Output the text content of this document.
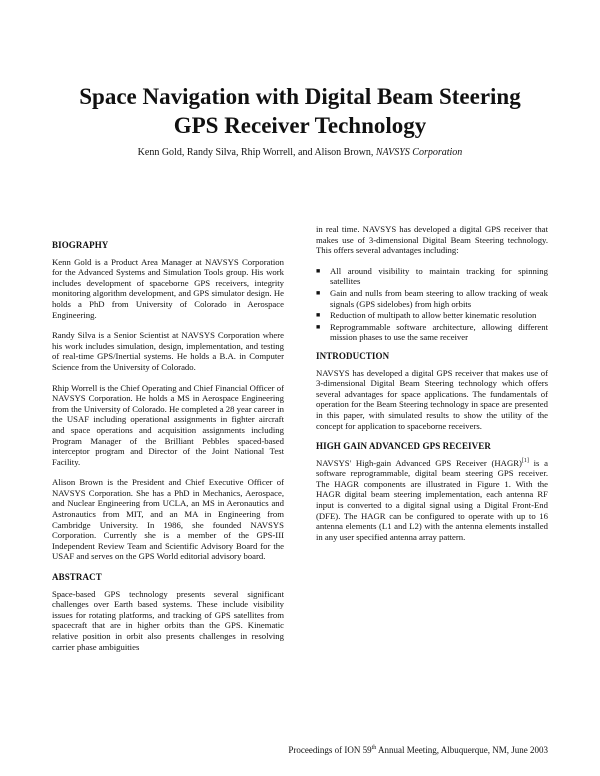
Space Navigation with Digital Beam Steering
GPS Receiver Technology
Kenn Gold, Randy Silva, Rhip Worrell, and Alison Brown, NAVSYS Corporation
BIOGRAPHY

Kenn Gold is a Product Area Manager at NAVSYS Corporation for the Advanced Systems and Simulation Tools group. His work includes development of spaceborne GPS receivers, integrity monitoring algorithm development, and GPS simulator design. He holds a PhD from University of Colorado in Aerospace Engineering.

Randy Silva is a Senior Scientist at NAVSYS Corporation where his work includes simulation, design, implementation, and testing of real-time GPS/Inertial systems. He holds a B.A. in Computer Science from the University of Colorado.

Rhip Worrell is the Chief Operating and Chief Financial Officer of NAVSYS Corporation. He holds a MS in Aerospace Engineering from the University of Colorado. He completed a 28 year career in the USAF including operational assignments in fighter aircraft and space operations and acquisition assignments including Program Manager of the Brilliant Pebbles spaced-based interceptor program and Director of the Joint National Test Facility.

Alison Brown is the President and Chief Executive Officer of NAVSYS Corporation. She has a PhD in Mechanics, Aerospace, and Nuclear Engineering from UCLA, an MS in Aeronautics and Astronautics from MIT, and an MA in Engineering from Cambridge University. In 1986, she founded NAVSYS Corporation. Currently she is a member of the GPS-III Independent Review Team and Scientific Advisory Board for the USAF and serves on the GPS World editorial advisory board.

ABSTRACT

Space-based GPS technology presents several significant challenges over Earth based systems. These include visibility issues for rotating platforms, and tracking of GPS satellites from spacecraft that are in higher orbits than the GPS. Kinematic relative position in orbit also presents challenges in resolving carrier phase ambiguities

in real time. NAVSYS has developed a digital GPS receiver that makes use of 3-dimensional Digital Beam Steering technology. This offers several advantages including:

■ All around visibility to maintain tracking for spinning satellites
■ Gain and nulls from beam steering to allow tracking of weak signals (GPS sidelobes) from high orbits
■ Reduction of multipath to allow better kinematic resolution
■ Reprogrammable software architecture, allowing different mission phases to use the same receiver
INTRODUCTION

NAVSYS has developed a digital GPS receiver that makes use of 3-dimensional Digital Beam Steering technology which offers several advantages for space applications. The fundamentals of operation for the Beam Steering technology in space are presented in this paper, with simulated results to show the utility of the concept for application to spaceborne receivers.

HIGH GAIN ADVANCED GPS RECEIVER

NAVSYS' High-gain Advanced GPS Receiver (HAGR)[1] is a software reprogrammable, digital beam steering GPS receiver. The HAGR components are illustrated in Figure 1. With the HAGR digital beam steering implementation, each antenna RF input is converted to a digital signal using a Digital Front-End (DFE). The HAGR can be configured to operate with up to 16 antenna elements (L1 and L2) with the antenna elements installed in any user specified antenna array pattern.

Proceedings of ION 59th Annual Meeting, Albuquerque, NM, June 2003
